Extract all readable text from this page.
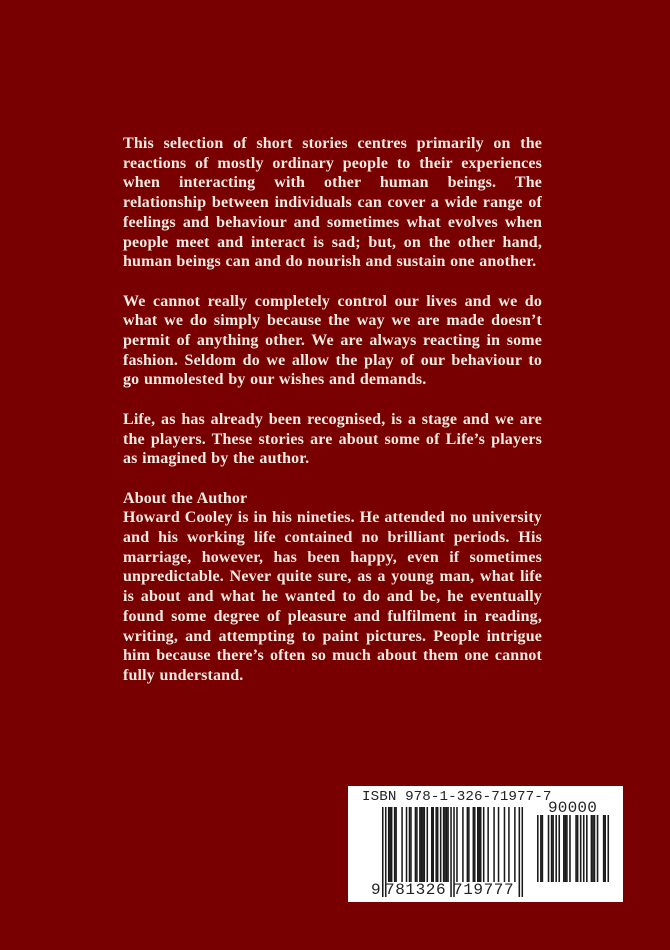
This selection of short stories centres primarily on the reactions of mostly ordinary people to their experiences when interacting with other human beings. The relationship between individuals can cover a wide range of feelings and behaviour and sometimes what evolves when people meet and interact is sad; but, on the other hand, human beings can and do nourish and sustain one another.

We cannot really completely control our lives and we do what we do simply because the way we are made doesn’t permit of anything other. We are always reacting in some fashion. Seldom do we allow the play of our behaviour to go unmolested by our wishes and demands.

Life, as has already been recognised, is a stage and we are the players. These stories are about some of Life’s players as imagined by the author.

About the Author
Howard Cooley is in his nineties. He attended no university and his working life contained no brilliant periods. His marriage, however, has been happy, even if sometimes unpredictable. Never quite sure, as a young man, what life is about and what he wanted to do and be, he eventually found some degree of pleasure and fulfilment in reading, writing, and attempting to paint pictures. People intrigue him because there’s often so much about them one cannot fully understand.

ISBN 978-1-326-71977-7
90000
9 781326 719777
